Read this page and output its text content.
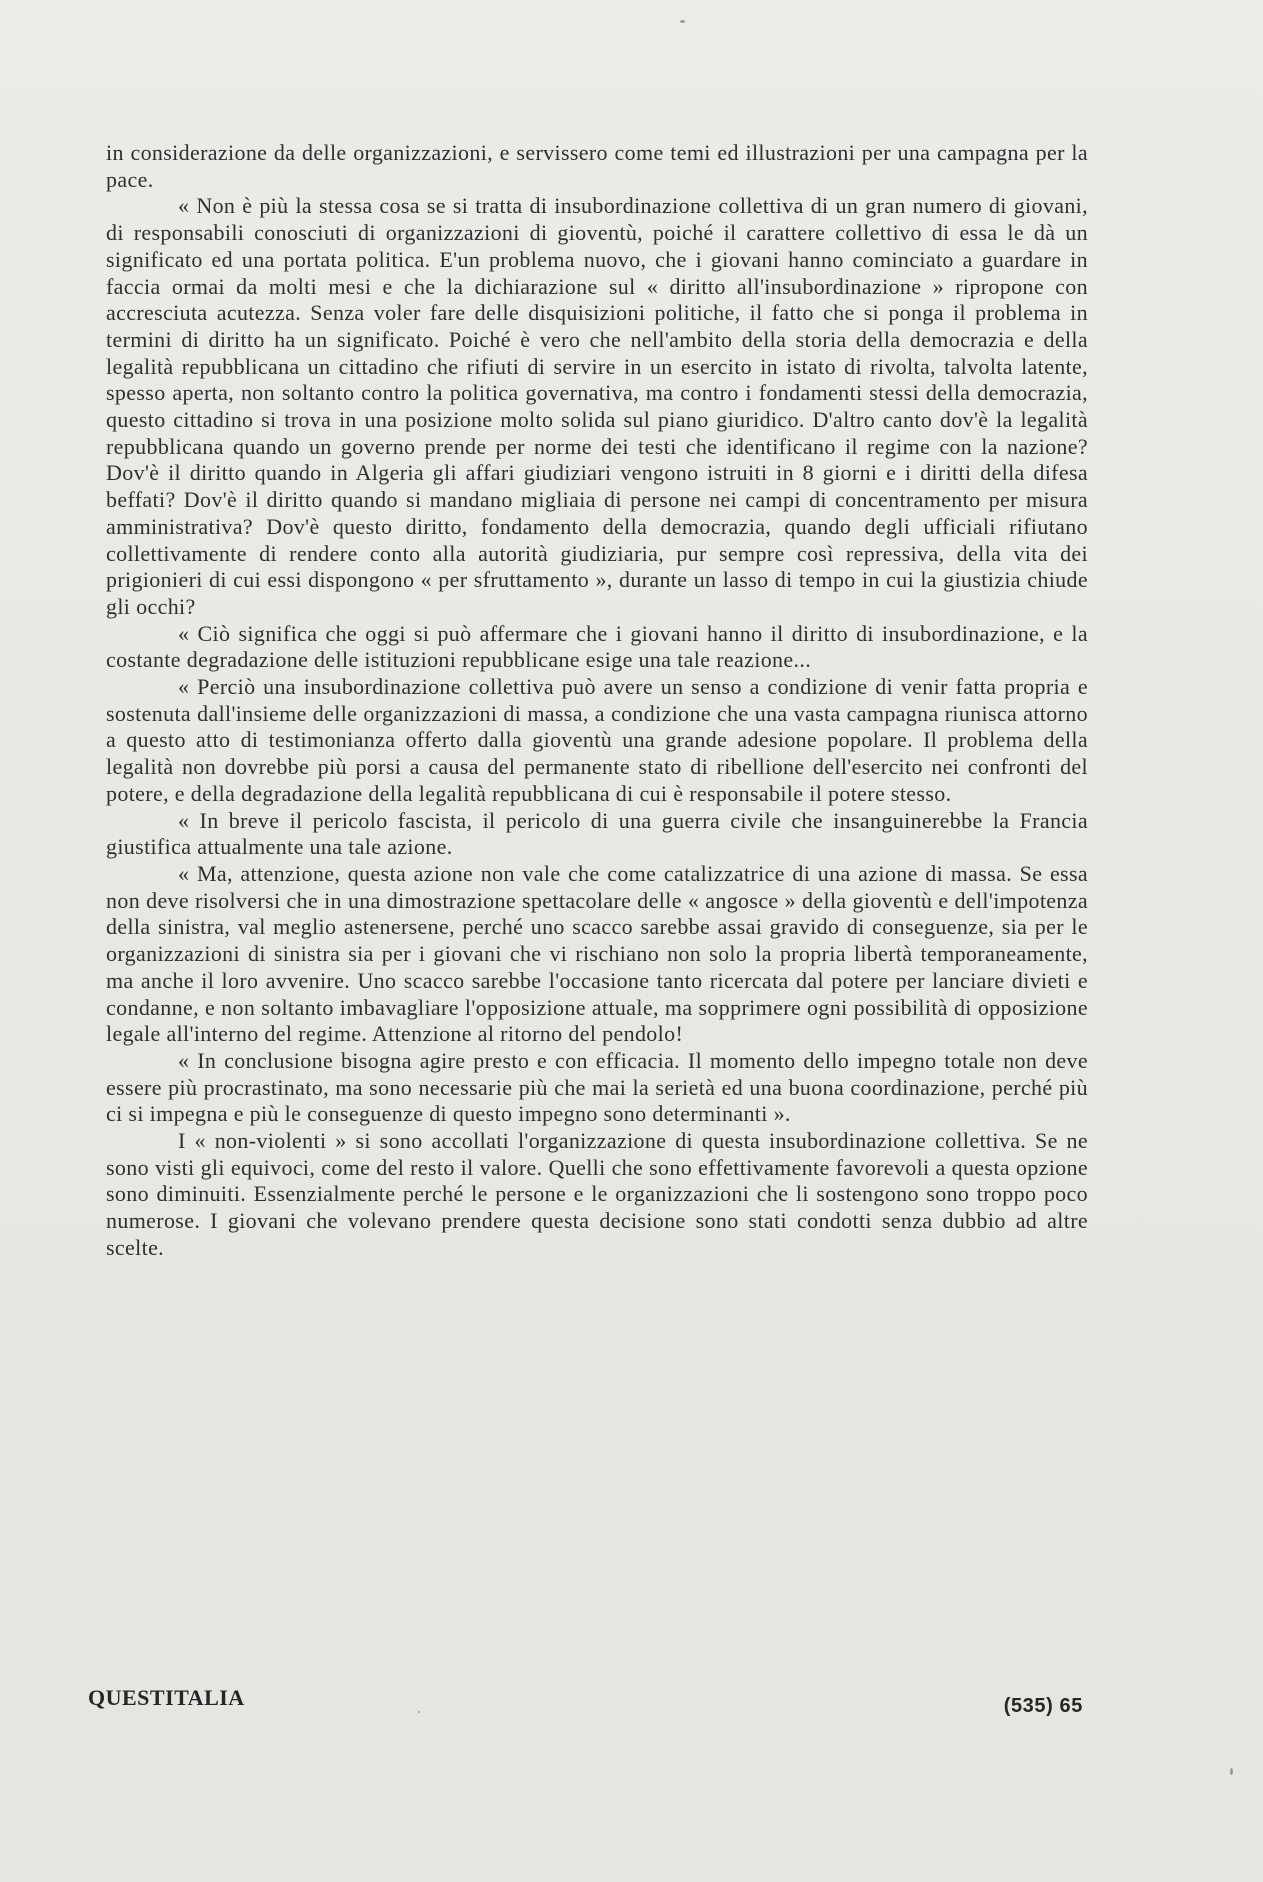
in considerazione da delle organizzazioni, e servissero come temi ed illustrazioni per una campagna per la pace.

« Non è più la stessa cosa se si tratta di insubordinazione collettiva di un gran numero di giovani, di responsabili conosciuti di organizzazioni di gioventù, poiché il carattere collettivo di essa le dà un significato ed una portata politica. E'un problema nuovo, che i giovani hanno cominciato a guardare in faccia ormai da molti mesi e che la dichiarazione sul « diritto all'insubordinazione » ripropone con accresciuta acutezza. Senza voler fare delle disquisizioni politiche, il fatto che si ponga il problema in termini di diritto ha un significato. Poiché è vero che nell'ambito della storia della democrazia e della legalità repubblicana un cittadino che rifiuti di servire in un esercito in istato di rivolta, talvolta latente, spesso aperta, non soltanto contro la politica governativa, ma contro i fondamenti stessi della democrazia, questo cittadino si trova in una posizione molto solida sul piano giuridico. D'altro canto dov'è la legalità repubblicana quando un governo prende per norme dei testi che identificano il regime con la nazione? Dov'è il diritto quando in Algeria gli affari giudiziari vengono istruiti in 8 giorni e i diritti della difesa beffati? Dov'è il diritto quando si mandano migliaia di persone nei campi di concentramento per misura amministrativa? Dov'è questo diritto, fondamento della democrazia, quando degli ufficiali rifiutano collettivamente di rendere conto alla autorità giudiziaria, pur sempre così repressiva, della vita dei prigionieri di cui essi dispongono « per sfruttamento », durante un lasso di tempo in cui la giustizia chiude gli occhi?

« Ciò significa che oggi si può affermare che i giovani hanno il diritto di insubordinazione, e la costante degradazione delle istituzioni repubblicane esige una tale reazione...

« Perciò una insubordinazione collettiva può avere un senso a condizione di venir fatta propria e sostenuta dall'insieme delle organizzazioni di massa, a condizione che una vasta campagna riunisca attorno a questo atto di testimonianza offerto dalla gioventù una grande adesione popolare. Il problema della legalità non dovrebbe più porsi a causa del permanente stato di ribellione dell'esercito nei confronti del potere, e della degradazione della legalità repubblicana di cui è responsabile il potere stesso.

« In breve il pericolo fascista, il pericolo di una guerra civile che insanguinerebbe la Francia giustifica attualmente una tale azione.

« Ma, attenzione, questa azione non vale che come catalizzatrice di una azione di massa. Se essa non deve risolversi che in una dimostrazione spettacolare delle « angosce » della gioventù e dell'impotenza della sinistra, val meglio astenersene, perché uno scacco sarebbe assai gravido di conseguenze, sia per le organizzazioni di sinistra sia per i giovani che vi rischiano non solo la propria libertà temporaneamente, ma anche il loro avvenire. Uno scacco sarebbe l'occasione tanto ricercata dal potere per lanciare divieti e condanne, e non soltanto imbavagliare l'opposizione attuale, ma sopprimere ogni possibilità di opposizione legale all'interno del regime. Attenzione al ritorno del pendolo!

« In conclusione bisogna agire presto e con efficacia. Il momento dello impegno totale non deve essere più procrastinato, ma sono necessarie più che mai la serietà ed una buona coordinazione, perché più ci si impegna e più le conseguenze di questo impegno sono determinanti ».

I « non-violenti » si sono accollati l'organizzazione di questa insubordinazione collettiva. Se ne sono visti gli equivoci, come del resto il valore. Quelli che sono effettivamente favorevoli a questa opzione sono diminuiti. Essenzialmente perché le persone e le organizzazioni che li sostengono sono troppo poco numerose. I giovani che volevano prendere questa decisione sono stati condotti senza dubbio ad altre scelte.

QUESTITALIA	(535) 65
